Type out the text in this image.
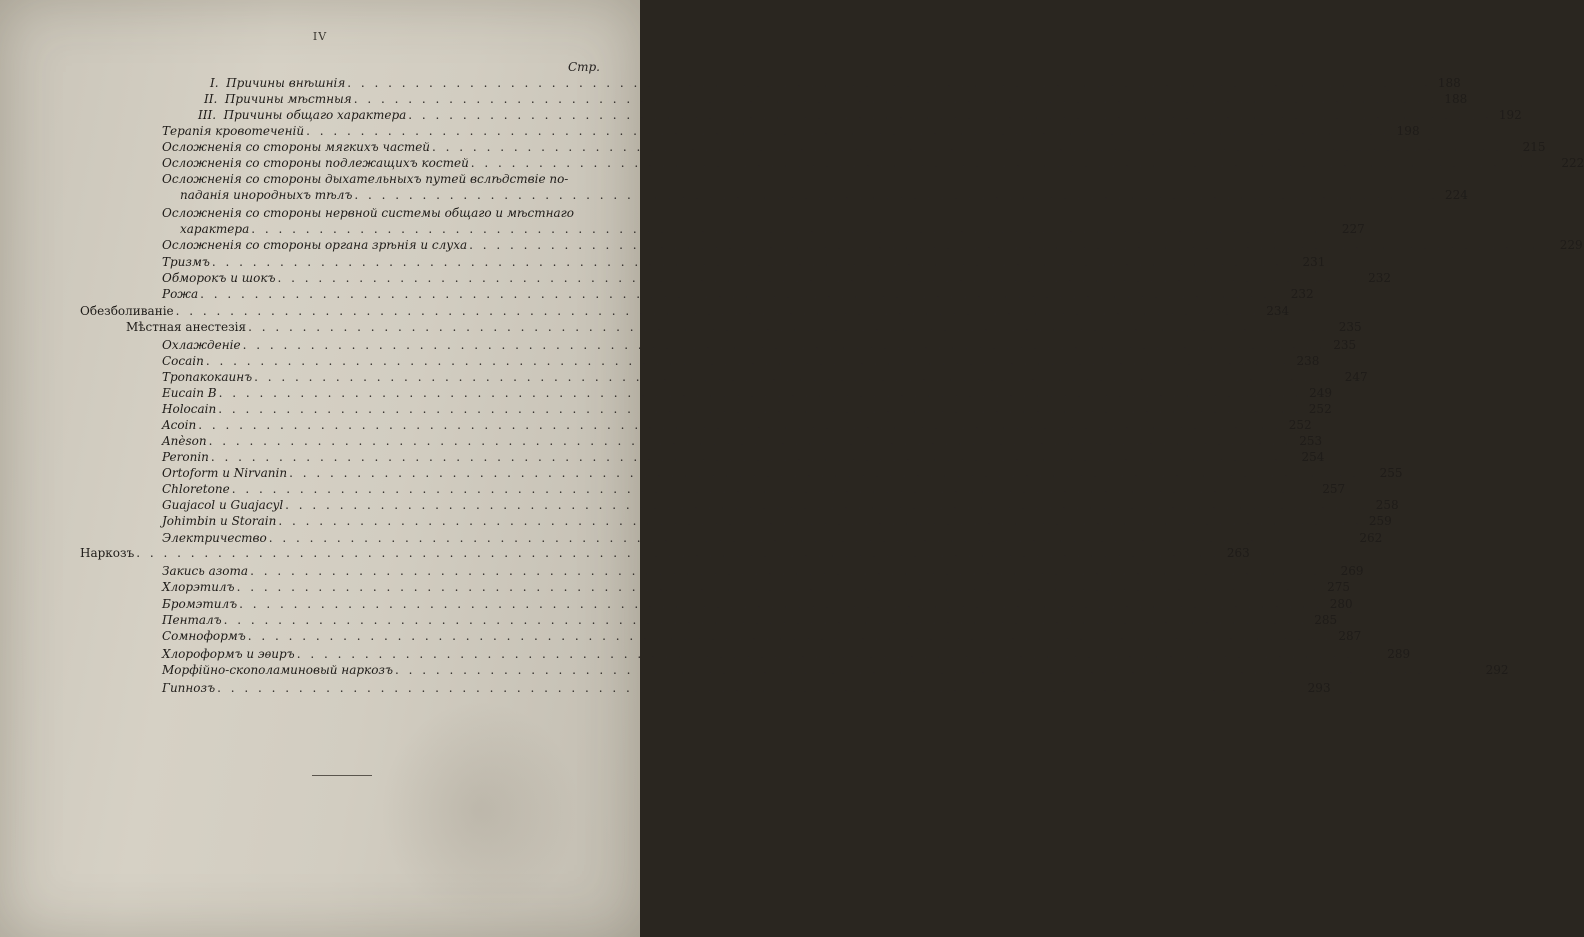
IV
Стр.
I.  Причины внѣшнія . . . . . . . . . . . . . . . . . . . . . . . . . . . . . . . . . . . . . . . . . . . . . . . . . . . . . . . . . . . . . . . . . . . . . . . . . . . . . . . . 188
II.  Причины мѣстныя . . . . . . . . . . . . . . . . . . . . . . . . . . . . . . . . . . . . . . . . . . . . . . . . . . . . . . . . . . . . . . . . . . . . . . . . . . . . . . . . 188
III.  Причины общаго характера . . . . . . . . . . . . . . . . . . . . . . . . . . . . . . . . . . . . . . . . . . . . . . . . . . . . . . . . . . . . . . . . . . . . . . . . . . . . . . . . 192
Терапія кровотеченій . . . . . . . . . . . . . . . . . . . . . . . . . . . . . . . . . . . . . . . . . . . . . . . . . . . . . . . . . . . . . . . . . . . . . . . . . . . . . . . . 198
Осложненія со стороны мягкихъ частей . . . . . . . . . . . . . . . . . . . . . . . . . . . . . . . . . . . . . . . . . . . . . . . . . . . . . . . . . . . . . . . . . . . . . . . . . . . . . . . . 215
Осложненія со стороны подлежащихъ костей . . . . . . . . . . . . . . . . . . . . . . . . . . . . . . . . . . . . . . . . . . . . . . . . . . . . . . . . . . . . . . . . . . . . . . . . . . . . . . . . 222
Осложненія со стороны дыхательныхъ путей вслѣдствіе по-
паданія инородныхъ тѣлъ . . . . . . . . . . . . . . . . . . . . . . . . . . . . . . . . . . . . . . . . . . . . . . . . . . . . . . . . . . . . . . . . . . . . . . . . . . . . . . . . 224
Осложненія со стороны нервной системы общаго и мѣстнаго
характера . . . . . . . . . . . . . . . . . . . . . . . . . . . . . . . . . . . . . . . . . . . . . . . . . . . . . . . . . . . . . . . . . . . . . . . . . . . . . . . . 227
Осложненія со стороны органа зрѣнія и слуха . . . . . . . . . . . . . . . . . . . . . . . . . . . . . . . . . . . . . . . . . . . . . . . . . . . . . . . . . . . . . . . . . . . . . . . . . . . . . . . . 229
Тризмъ . . . . . . . . . . . . . . . . . . . . . . . . . . . . . . . . . . . . . . . . . . . . . . . . . . . . . . . . . . . . . . . . . . . . . . . . . . . . . . . . 231
Обморокъ и шокъ . . . . . . . . . . . . . . . . . . . . . . . . . . . . . . . . . . . . . . . . . . . . . . . . . . . . . . . . . . . . . . . . . . . . . . . . . . . . . . . . 232
Рожа . . . . . . . . . . . . . . . . . . . . . . . . . . . . . . . . . . . . . . . . . . . . . . . . . . . . . . . . . . . . . . . . . . . . . . . . . . . . . . . . 232
Обезболиваніе . . . . . . . . . . . . . . . . . . . . . . . . . . . . . . . . . . . . . . . . . . . . . . . . . . . . . . . . . . . . . . . . . . . . . . . . . . . . . . . . 234
Мѣстная анестезія . . . . . . . . . . . . . . . . . . . . . . . . . . . . . . . . . . . . . . . . . . . . . . . . . . . . . . . . . . . . . . . . . . . . . . . . . . . . . . . . 235
Охлажденіе . . . . . . . . . . . . . . . . . . . . . . . . . . . . . . . . . . . . . . . . . . . . . . . . . . . . . . . . . . . . . . . . . . . . . . . . . . . . . . . . 235
Cocain . . . . . . . . . . . . . . . . . . . . . . . . . . . . . . . . . . . . . . . . . . . . . . . . . . . . . . . . . . . . . . . . . . . . . . . . . . . . . . . . 238
Тропакокаинъ . . . . . . . . . . . . . . . . . . . . . . . . . . . . . . . . . . . . . . . . . . . . . . . . . . . . . . . . . . . . . . . . . . . . . . . . . . . . . . . . 247
Eucain B . . . . . . . . . . . . . . . . . . . . . . . . . . . . . . . . . . . . . . . . . . . . . . . . . . . . . . . . . . . . . . . . . . . . . . . . . . . . . . . . 249
Holocain . . . . . . . . . . . . . . . . . . . . . . . . . . . . . . . . . . . . . . . . . . . . . . . . . . . . . . . . . . . . . . . . . . . . . . . . . . . . . . . . 252
Acoin . . . . . . . . . . . . . . . . . . . . . . . . . . . . . . . . . . . . . . . . . . . . . . . . . . . . . . . . . . . . . . . . . . . . . . . . . . . . . . . . 252
Anèson . . . . . . . . . . . . . . . . . . . . . . . . . . . . . . . . . . . . . . . . . . . . . . . . . . . . . . . . . . . . . . . . . . . . . . . . . . . . . . . . 253
Peronin . . . . . . . . . . . . . . . . . . . . . . . . . . . . . . . . . . . . . . . . . . . . . . . . . . . . . . . . . . . . . . . . . . . . . . . . . . . . . . . . 254
Ortoform и Nirvanin . . . . . . . . . . . . . . . . . . . . . . . . . . . . . . . . . . . . . . . . . . . . . . . . . . . . . . . . . . . . . . . . . . . . . . . . . . . . . . . . 255
Chloretone . . . . . . . . . . . . . . . . . . . . . . . . . . . . . . . . . . . . . . . . . . . . . . . . . . . . . . . . . . . . . . . . . . . . . . . . . . . . . . . . 257
Guajacol и Guajacyl . . . . . . . . . . . . . . . . . . . . . . . . . . . . . . . . . . . . . . . . . . . . . . . . . . . . . . . . . . . . . . . . . . . . . . . . . . . . . . . . 258
Johimbin и Storain . . . . . . . . . . . . . . . . . . . . . . . . . . . . . . . . . . . . . . . . . . . . . . . . . . . . . . . . . . . . . . . . . . . . . . . . . . . . . . . . 259
Электричество . . . . . . . . . . . . . . . . . . . . . . . . . . . . . . . . . . . . . . . . . . . . . . . . . . . . . . . . . . . . . . . . . . . . . . . . . . . . . . . . 262
Наркозъ . . . . . . . . . . . . . . . . . . . . . . . . . . . . . . . . . . . . . . . . . . . . . . . . . . . . . . . . . . . . . . . . . . . . . . . . . . . . . . . . 263
Закись азота . . . . . . . . . . . . . . . . . . . . . . . . . . . . . . . . . . . . . . . . . . . . . . . . . . . . . . . . . . . . . . . . . . . . . . . . . . . . . . . . 269
Хлорэтилъ . . . . . . . . . . . . . . . . . . . . . . . . . . . . . . . . . . . . . . . . . . . . . . . . . . . . . . . . . . . . . . . . . . . . . . . . . . . . . . . . 275
Бромэтилъ . . . . . . . . . . . . . . . . . . . . . . . . . . . . . . . . . . . . . . . . . . . . . . . . . . . . . . . . . . . . . . . . . . . . . . . . . . . . . . . . 280
Пенталъ . . . . . . . . . . . . . . . . . . . . . . . . . . . . . . . . . . . . . . . . . . . . . . . . . . . . . . . . . . . . . . . . . . . . . . . . . . . . . . . . 285
Сомноформъ . . . . . . . . . . . . . . . . . . . . . . . . . . . . . . . . . . . . . . . . . . . . . . . . . . . . . . . . . . . . . . . . . . . . . . . . . . . . . . . . 287
Хлороформъ и эѳиръ . . . . . . . . . . . . . . . . . . . . . . . . . . . . . . . . . . . . . . . . . . . . . . . . . . . . . . . . . . . . . . . . . . . . . . . . . . . . . . . . 289
Морфійно-скополаминовый наркозъ . . . . . . . . . . . . . . . . . . . . . . . . . . . . . . . . . . . . . . . . . . . . . . . . . . . . . . . . . . . . . . . . . . . . . . . . . . . . . . . . 292
Гипнозъ . . . . . . . . . . . . . . . . . . . . . . . . . . . . . . . . . . . . . . . . . . . . . . . . . . . . . . . . . . . . . . . . . . . . . . . . . . . . . . . . 293
